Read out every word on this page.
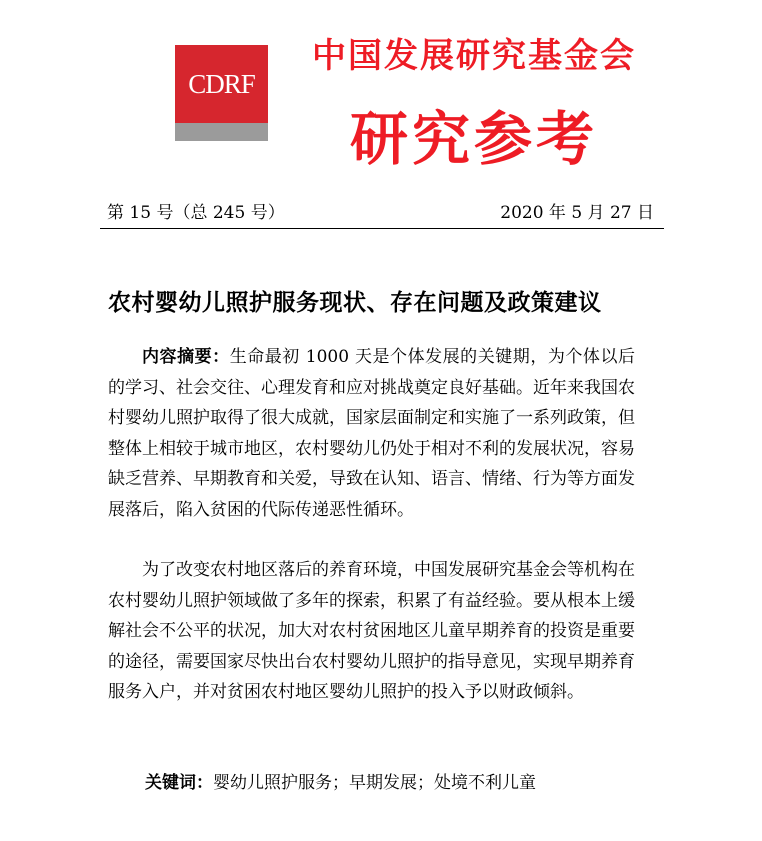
CDRF
中国发展研究基金会
研究参考
第 15 号（总 245 号）	2020 年 5 月 27 日
农村婴幼儿照护服务现状、存在问题及政策建议

内容摘要：生命最初 1000 天是个体发展的关键期，为个体以后的学习、社会交往、心理发育和应对挑战奠定良好基础。近年来我国农村婴幼儿照护取得了很大成就，国家层面制定和实施了一系列政策，但整体上相较于城市地区，农村婴幼儿仍处于相对不利的发展状况，容易缺乏营养、早期教育和关爱，导致在认知、语言、情绪、行为等方面发展落后，陷入贫困的代际传递恶性循环。

为了改变农村地区落后的养育环境，中国发展研究基金会等机构在农村婴幼儿照护领域做了多年的探索，积累了有益经验。要从根本上缓解社会不公平的状况，加大对农村贫困地区儿童早期养育的投资是重要的途径，需要国家尽快出台农村婴幼儿照护的指导意见，实现早期养育服务入户，并对贫困农村地区婴幼儿照护的投入予以财政倾斜。

关键词：婴幼儿照护服务；早期发展；处境不利儿童
